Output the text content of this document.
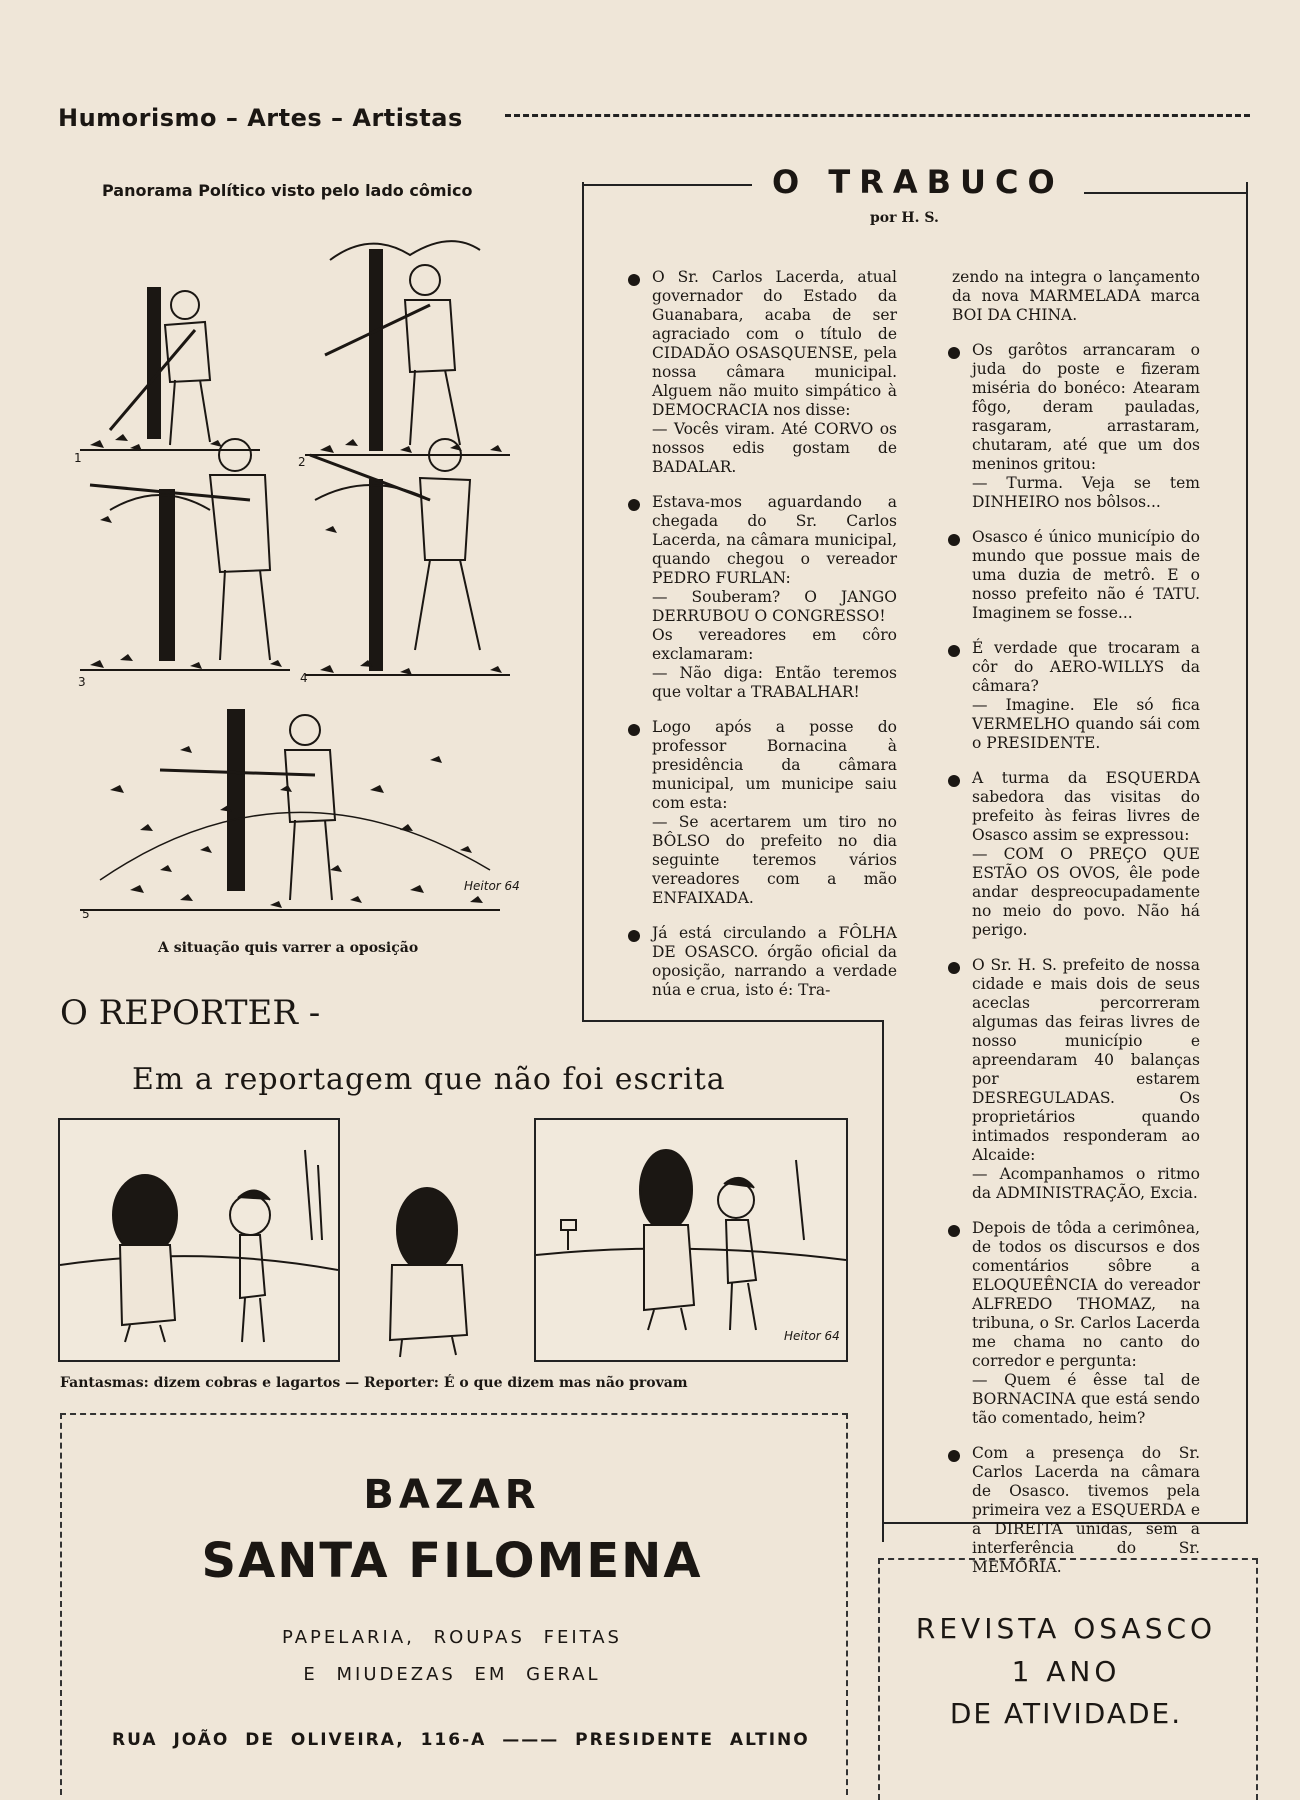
Humorismo – Artes – Artistas
Panorama Político visto pelo lado cômico
1	2
3	4
5
Heitor 64
A situação quis varrer a oposição
O TRABUCO
por H. S.
O Sr. Carlos Lacerda, atual governador do Estado da Guanabara, acaba de ser agraciado com o título de CIDADÃO OSASQUENSE, pela nossa câmara municipal. Alguem não muito simpático à DEMOCRACIA nos disse:
— Vocês viram. Até CORVO os nossos edis gostam de BADALAR.
Estava-mos aguardando a chegada do Sr. Carlos Lacerda, na câmara municipal, quando chegou o vereador PEDRO FURLAN:
— Souberam? O JANGO DERRUBOU O CONGRESSO!
Os vereadores em côro exclamaram:
— Não diga: Então teremos que voltar a TRABALHAR!
Logo após a posse do professor Bornacina à presidência da câmara municipal, um municipe saiu com esta:
— Se acertarem um tiro no BÔLSO do prefeito no dia seguinte teremos vários vereadores com a mão ENFAIXADA.
Já está circulando a FÔLHA DE OSASCO. órgão oficial da oposição, narrando a verdade núa e crua, isto é: Tra-
zendo na integra o lançamento da nova MARMELADA marca BOI DA CHINA.
Os garôtos arrancaram o juda do poste e fizeram miséria do bonéco: Atearam fôgo, deram pauladas, rasgaram, arrastaram, chutaram, até que um dos meninos gritou:
— Turma. Veja se tem DINHEIRO nos bôlsos...
Osasco é único município do mundo que possue mais de uma duzia de metrô. E o nosso prefeito não é TATU. Imaginem se fosse...
É verdade que trocaram a côr do AERO-WILLYS da câmara?
— Imagine. Ele só fica VERMELHO quando sái com o PRESIDENTE.
A turma da ESQUERDA sabedora das visitas do prefeito às feiras livres de Osasco assim se expressou:
— COM O PREÇO QUE ESTÃO OS OVOS, êle pode andar despreocupadamente no meio do povo. Não há perigo.
O Sr. H. S. prefeito de nossa cidade e mais dois de seus aceclas percorreram algumas das feiras livres de nosso município e apreendaram 40 balanças por estarem DESREGULADAS. Os proprietários quando intimados responderam ao Alcaide:
— Acompanhamos o ritmo da ADMINISTRAÇÃO, Excia.
Depois de tôda a cerimônea, de todos os discursos e dos comentários sôbre a ELOQUEÊNCIA do vereador ALFREDO THOMAZ, na tribuna, o Sr. Carlos Lacerda me chama no canto do corredor e pergunta:
— Quem é êsse tal de BORNACINA que está sendo tão comentado, heim?
Com a presença do Sr. Carlos Lacerda na câmara de Osasco. tivemos pela primeira vez a ESQUERDA e a DIREITA unidas, sem a interferência do Sr. MEMÓRIA.
O REPORTER -
Em a reportagem que não foi escrita
Heitor 64
Fantasmas: dizem cobras e lagartos — Reporter: É o que dizem mas não provam
BAZAR
SANTA FILOMENA
PAPELARIA, ROUPAS FEITAS
E MIUDEZAS EM GERAL
RUA JOÃO DE OLIVEIRA, 116-A ——— PRESIDENTE ALTINO
REVISTA OSASCO
1 ANO
DE ATIVIDADE.
